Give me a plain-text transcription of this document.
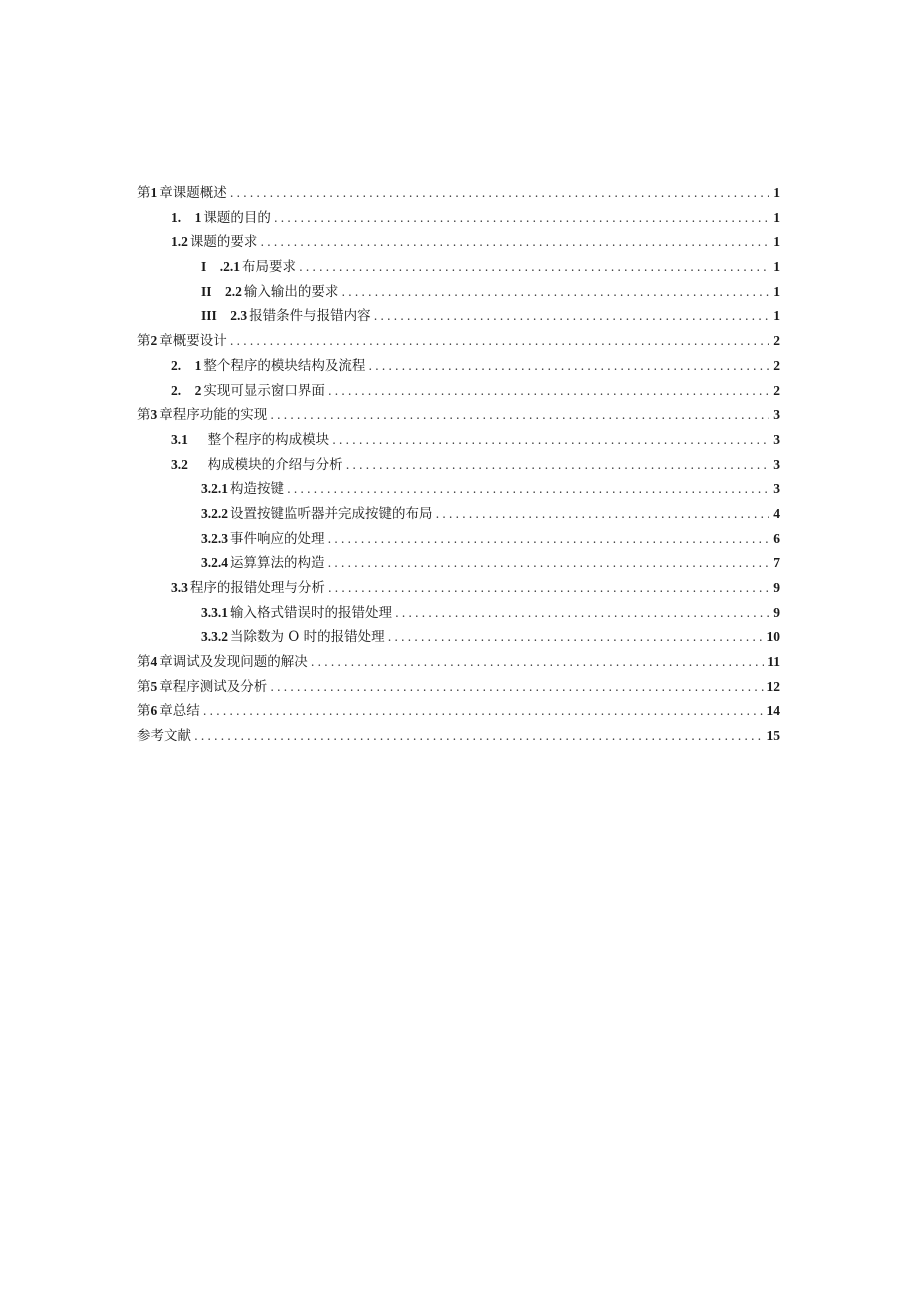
第 1 章课题概述 . . .	1
1.　1 课题的目的 . . .	1
1.2 课题的要求 . . .	1
I　.2.1 布局要求 . . .	1
II　2.2 输入输出的要求 . . .	1
III　2.3 报错条件与报错内容 . . .	1
第 2 章概要设计 . . .	2
2.　1 整个程序的模块结构及流程 . . .	2
2.　2 实现可显示窗口界面 . . .	2
第 3 章程序功能的实现 . . .	3
3.1 　 整个程序的构成模块 . . .	3
3.2 　 构成模块的介绍与分析 . . .	3
3.2.1 构造按键 . . .	3
3.2.2 设置按键监听器并完成按键的布局 . . .	4
3.2.3 事件响应的处理 . . .	6
3.2.4 运算算法的构造 . . .	7
3.3 程序的报错处理与分析 . . .	9
3.3.1 输入格式错误时的报错处理 . . .	9
3.3.2 当除数为 O 时的报错处理 . . .	10
第 4 章调试及发现问题的解决 . . .	11
第 5 章程序测试及分析 . . .	12
第 6 章总结 . . .	14
参考文献 . . .	15
